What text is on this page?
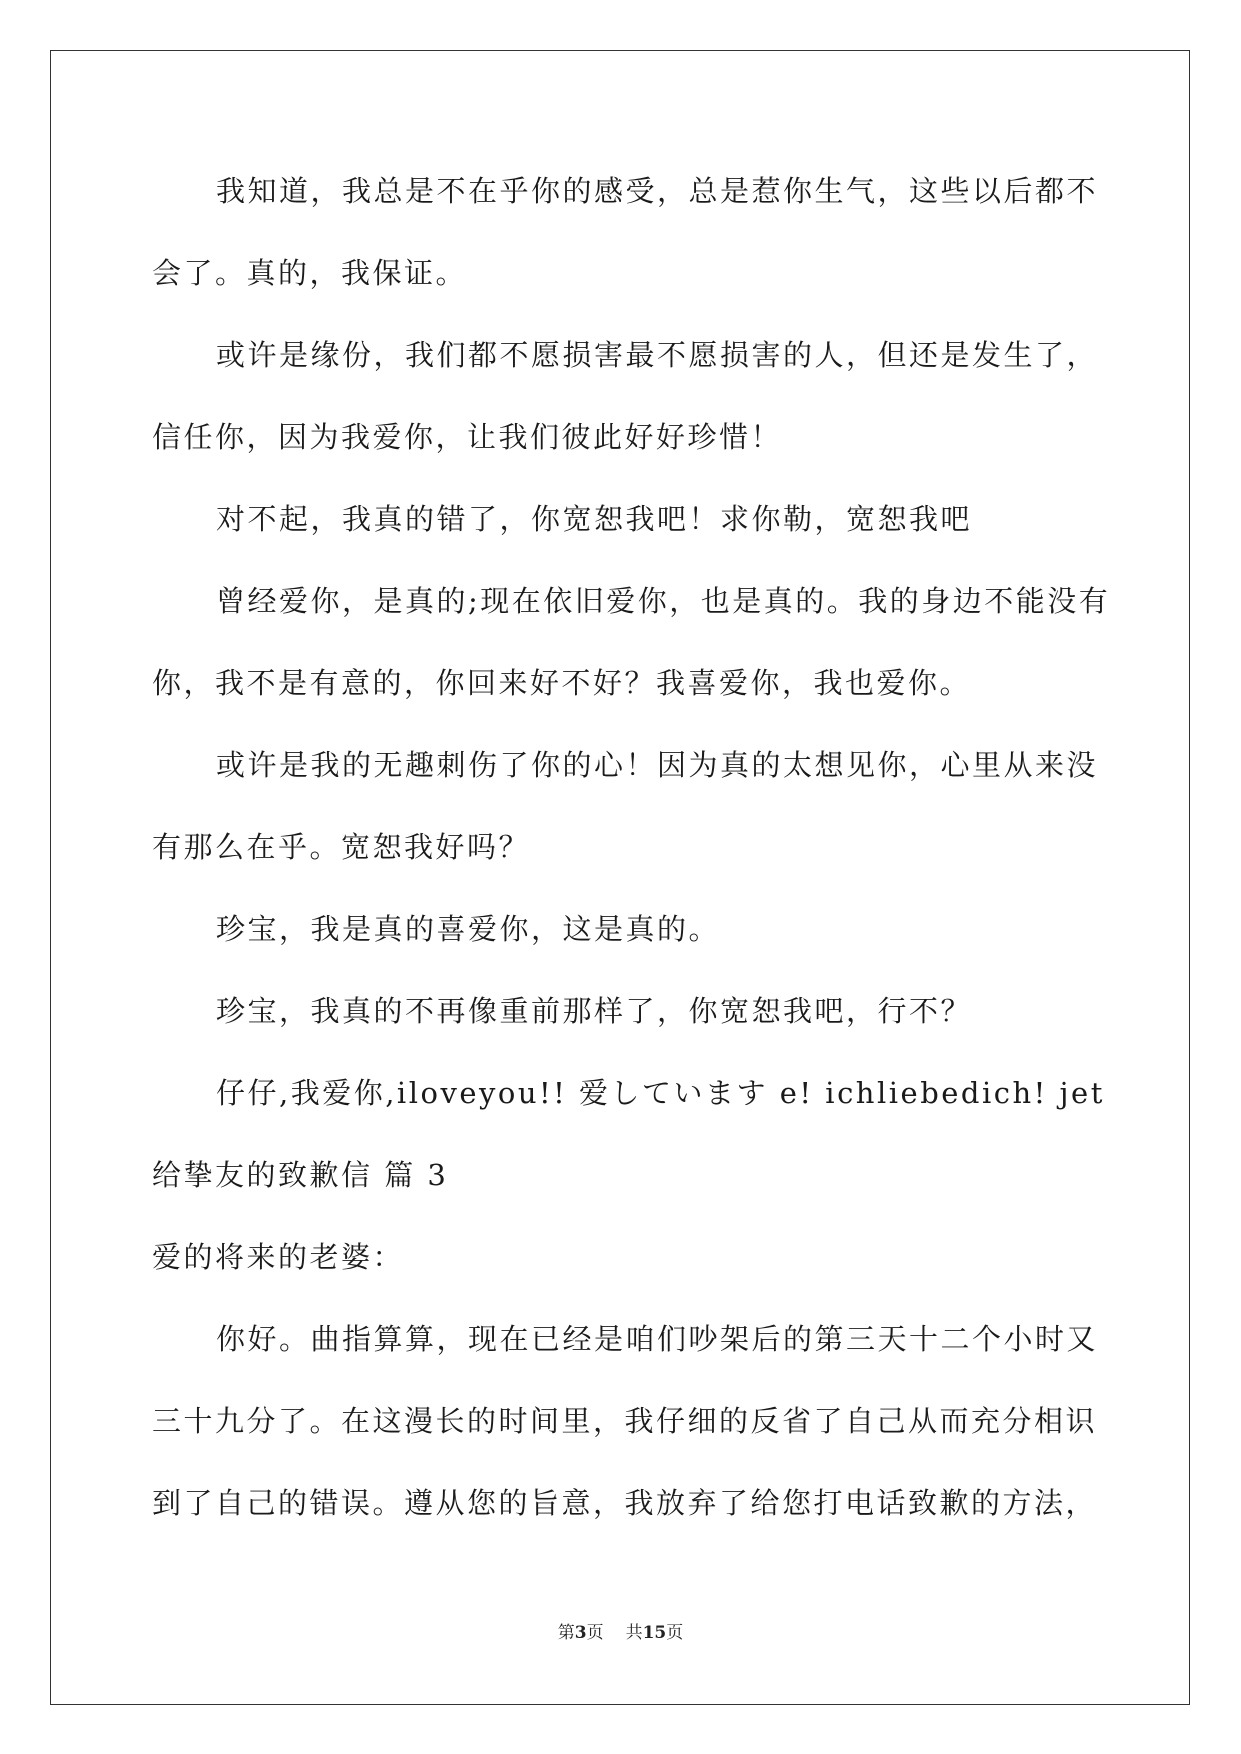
我知道，我总是不在乎你的感受，总是惹你生气，这些以后都不
会了。真的，我保证。
或许是缘份，我们都不愿损害最不愿损害的人，但还是发生了，
信任你，因为我爱你，让我们彼此好好珍惜！
对不起，我真的错了，你宽恕我吧！求你勒，宽恕我吧
曾经爱你，是真的;现在依旧爱你，也是真的。我的身边不能没有
你，我不是有意的，你回来好不好？我喜爱你，我也爱你。
或许是我的无趣刺伤了你的心！因为真的太想见你，心里从来没
有那么在乎。宽恕我好吗？
珍宝，我是真的喜爱你，这是真的。
珍宝，我真的不再像重前那样了，你宽恕我吧，行不？
仔仔,我爱你,iloveyou!! 爱しています e! ichliebedich! jet
给挚友的致歉信 篇 3
爱的将来的老婆：
你好。曲指算算，现在已经是咱们吵架后的第三天十二个小时又
三十九分了。在这漫长的时间里，我仔细的反省了自己从而充分相识
到了自己的错误。遵从您的旨意，我放弃了给您打电话致歉的方法，
第3页 共15页
